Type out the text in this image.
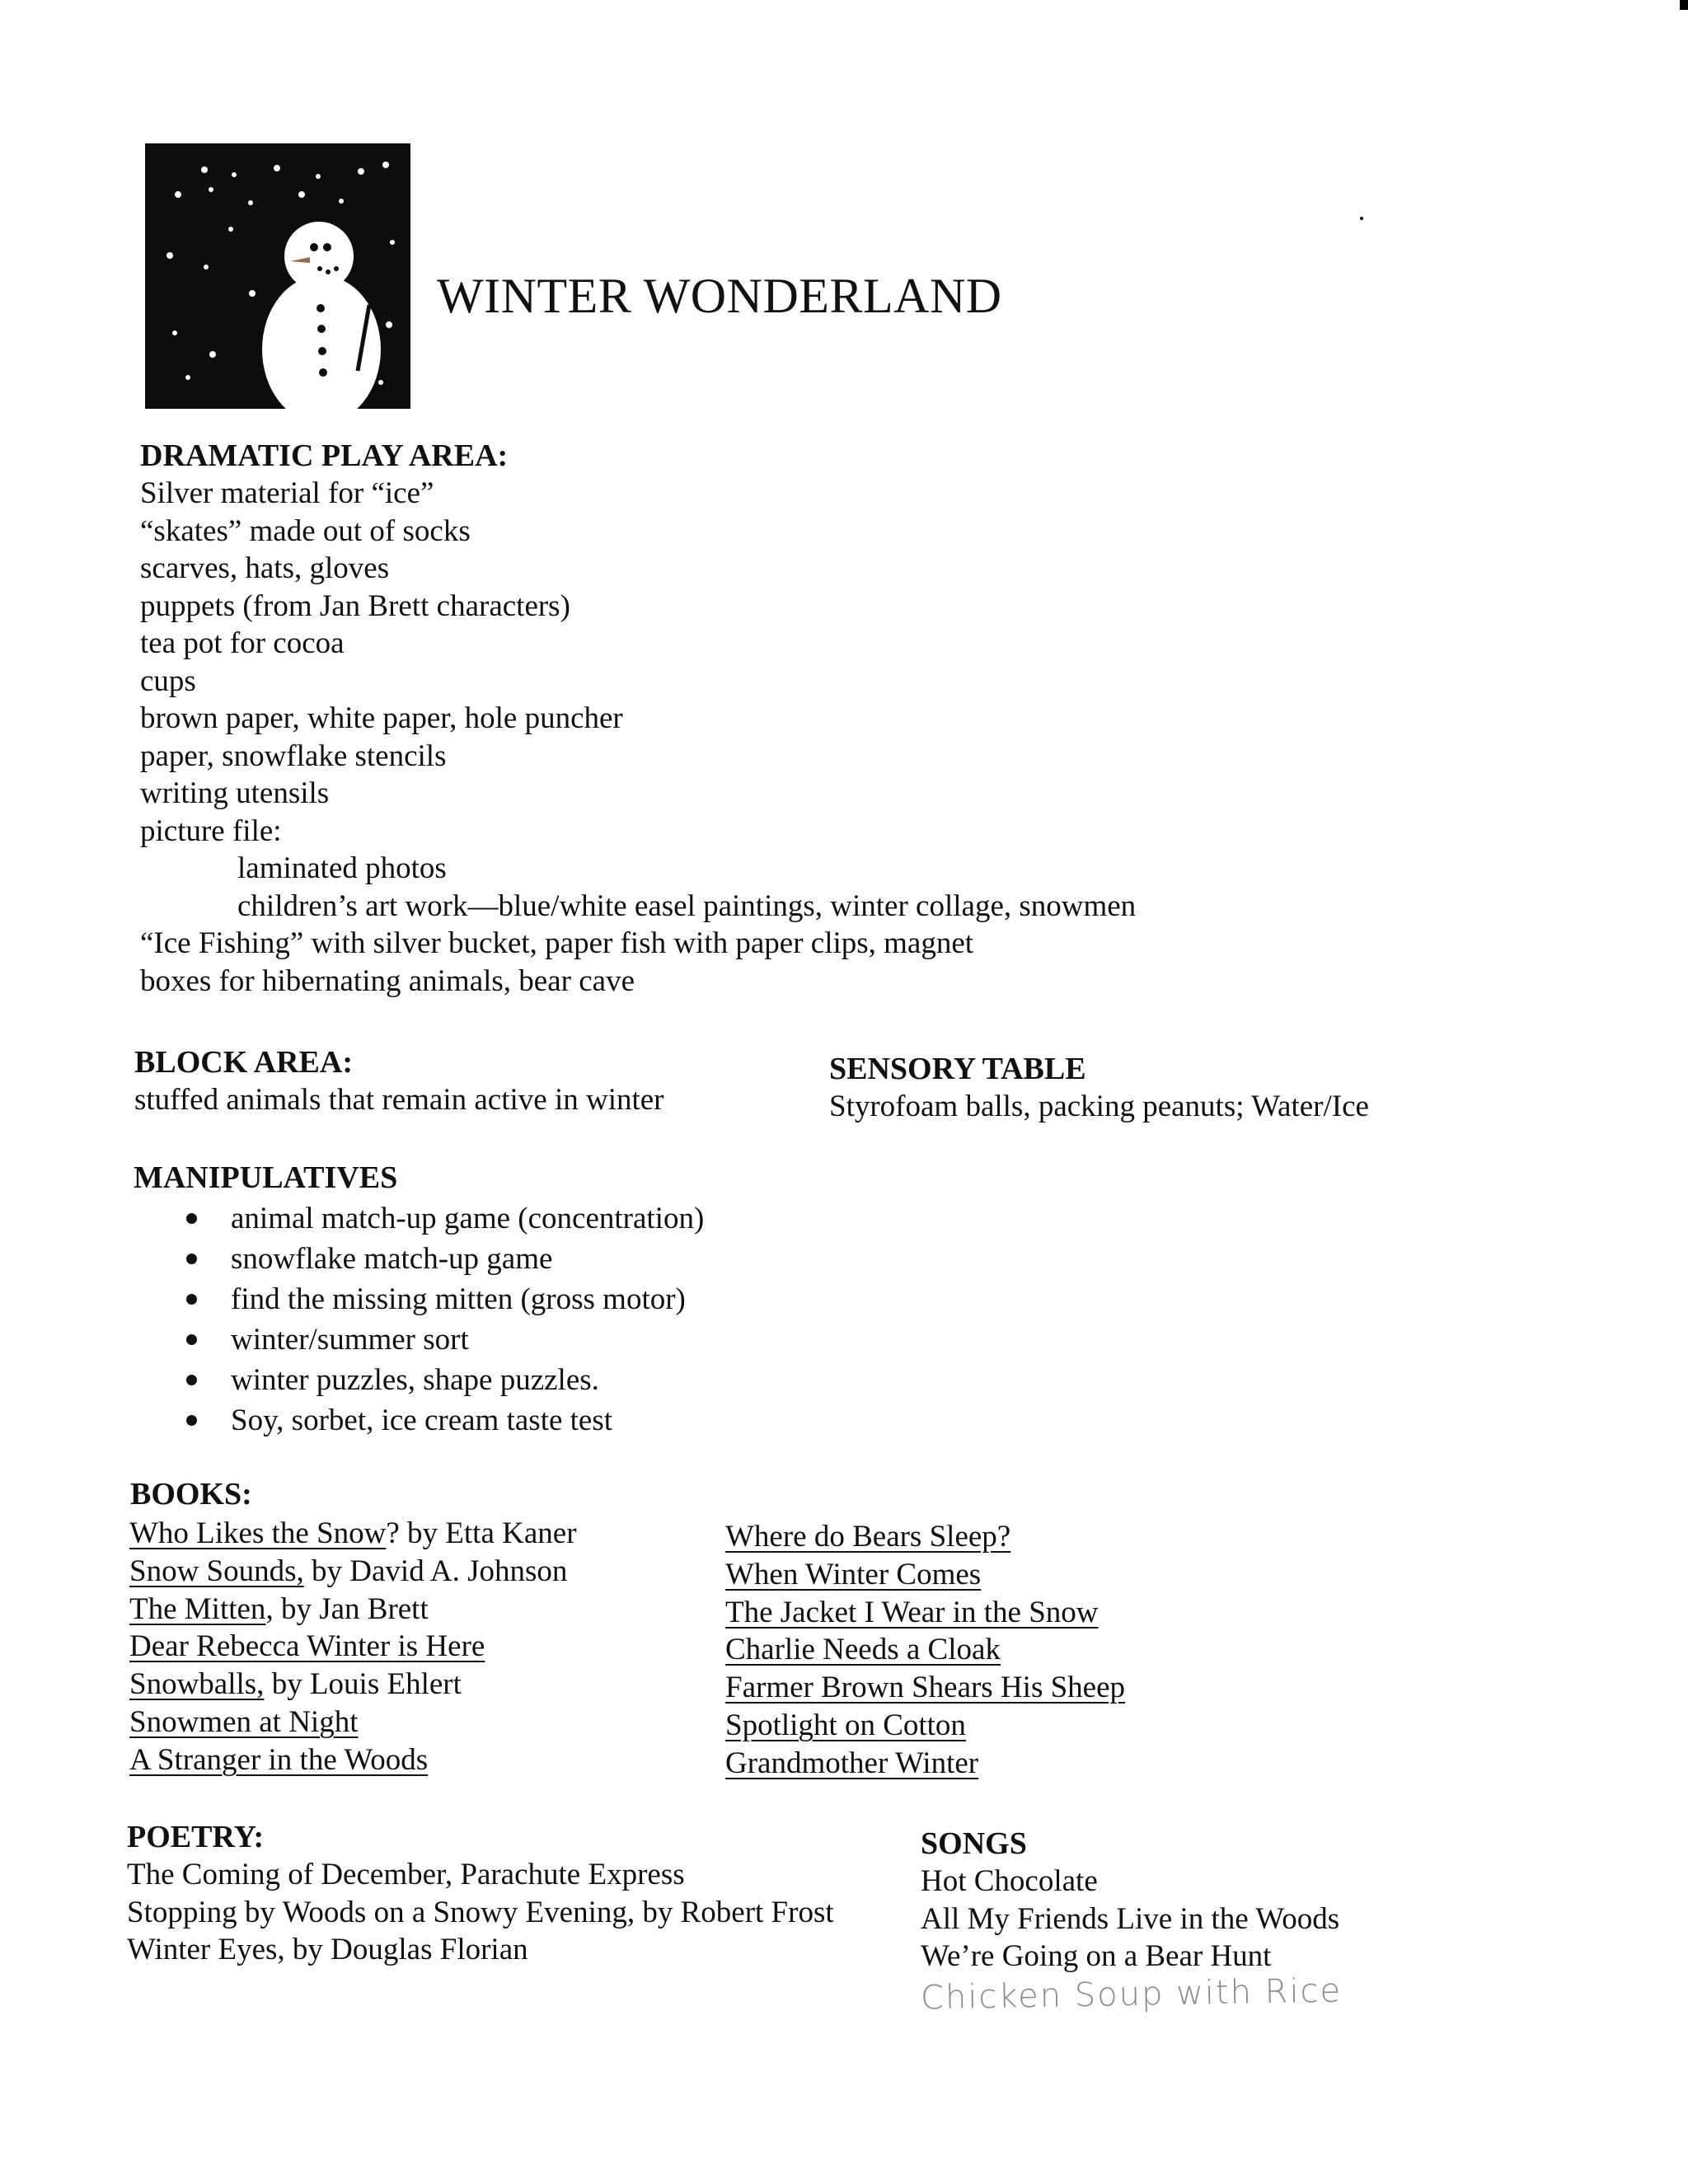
WINTER WONDERLAND
DRAMATIC PLAY AREA:
Silver material for “ice”
“skates” made out of socks
scarves, hats, gloves
puppets (from Jan Brett characters)
tea pot for cocoa
cups
brown paper, white paper, hole puncher
paper, snowflake stencils
writing utensils
picture file:
laminated photos
children’s art work—blue/white easel paintings, winter collage, snowmen
“Ice Fishing” with silver bucket, paper fish with paper clips, magnet
boxes for hibernating animals, bear cave
BLOCK AREA:
stuffed animals that remain active in winter
SENSORY TABLE
Styrofoam balls, packing peanuts; Water/Ice
MANIPULATIVES
animal match-up game (concentration)
snowflake match-up game
find the missing mitten (gross motor)
winter/summer sort
winter puzzles, shape puzzles.
Soy, sorbet, ice cream taste test
BOOKS:
Who Likes the Snow? by Etta Kaner
Snow Sounds, by David A. Johnson
The Mitten, by Jan Brett
Dear Rebecca Winter is Here
Snowballs, by Louis Ehlert
Snowmen at Night
A Stranger in the Woods
Where do Bears Sleep?
When Winter Comes
The Jacket I Wear in the Snow
Charlie Needs a Cloak
Farmer Brown Shears His Sheep
Spotlight on Cotton
Grandmother Winter
POETRY:
The Coming of December, Parachute Express
Stopping by Woods on a Snowy Evening, by Robert Frost
Winter Eyes, by Douglas Florian
SONGS
Hot Chocolate
All My Friends Live in the Woods
We’re Going on a Bear Hunt
Chicken Soup with Rice
